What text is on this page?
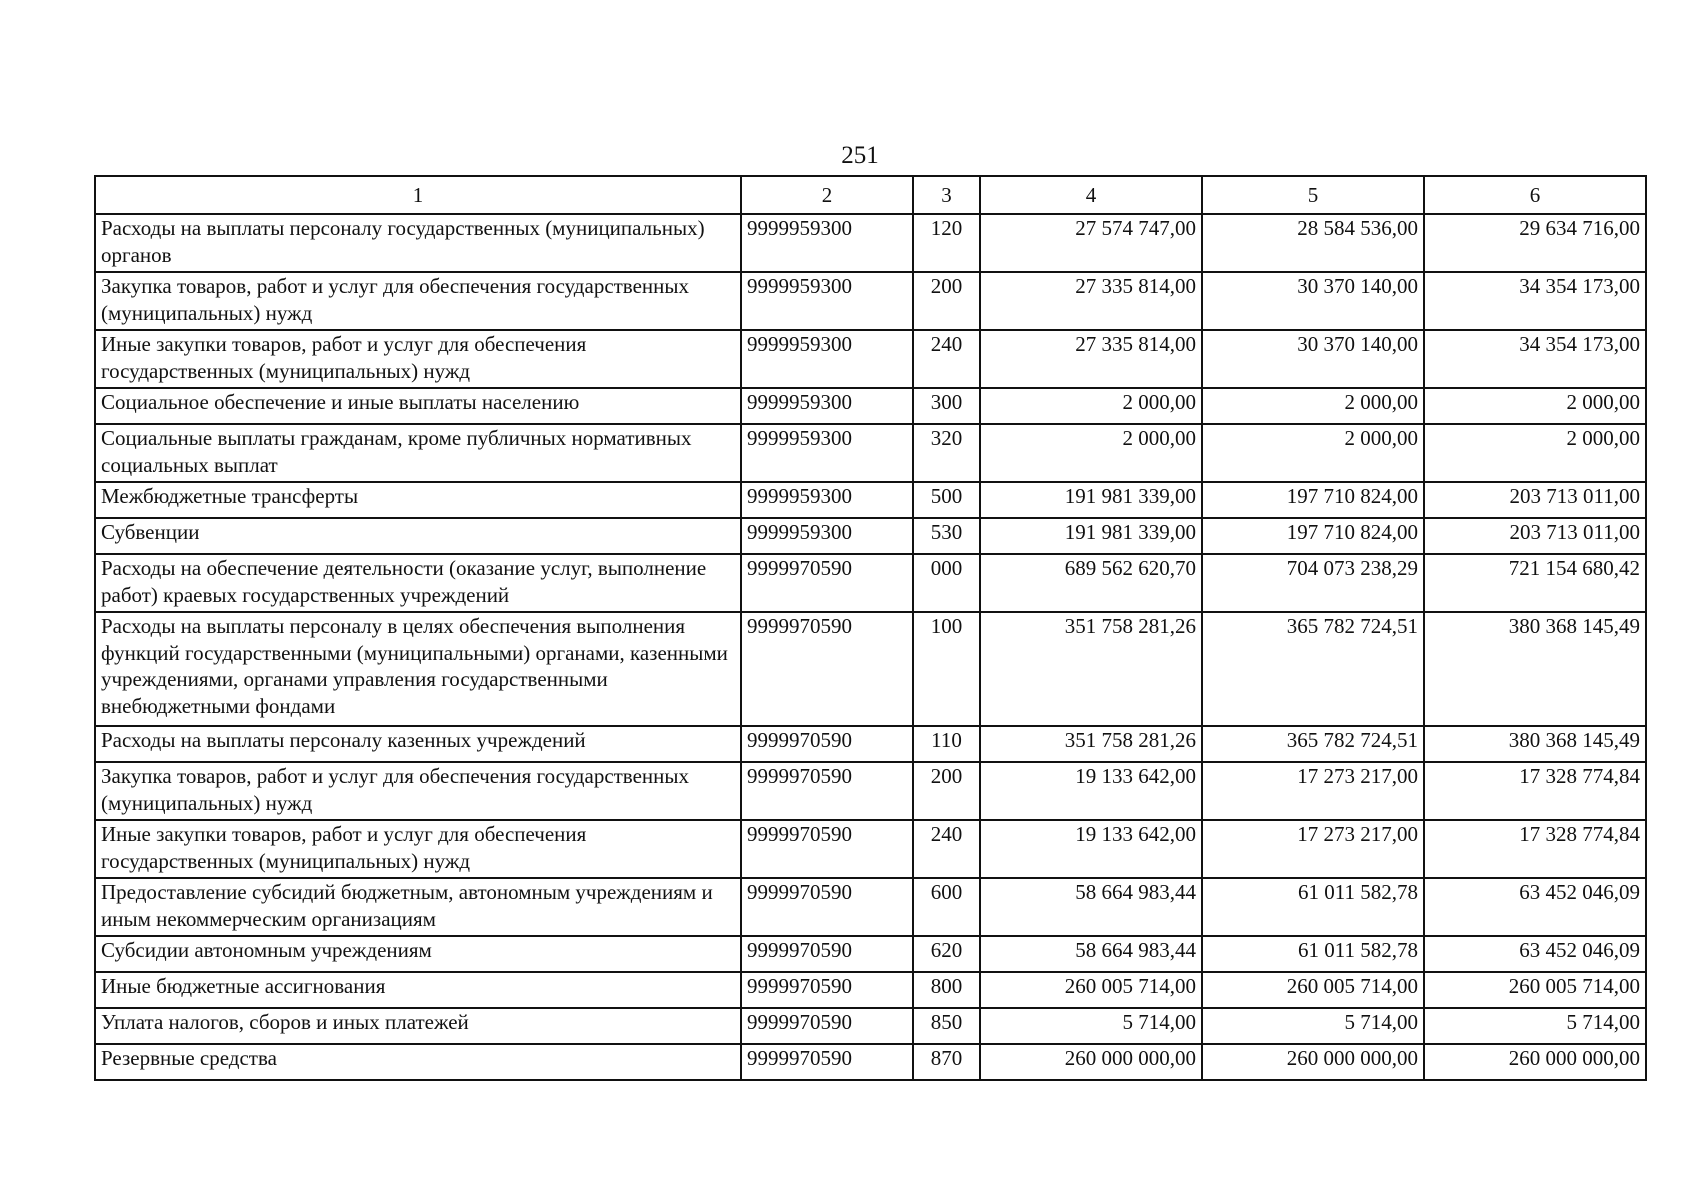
251
1	2	3	4	5	6
Расходы на выплаты персоналу государственных (муниципальных) органов	9999959300	120	27 574 747,00	28 584 536,00	29 634 716,00
Закупка товаров, работ и услуг для обеспечения государственных (муниципальных) нужд	9999959300	200	27 335 814,00	30 370 140,00	34 354 173,00
Иные закупки товаров, работ и услуг для обеспечения государственных (муниципальных) нужд	9999959300	240	27 335 814,00	30 370 140,00	34 354 173,00
Социальное обеспечение и иные выплаты населению	9999959300	300	2 000,00	2 000,00	2 000,00
Социальные выплаты гражданам, кроме публичных нормативных социальных выплат	9999959300	320	2 000,00	2 000,00	2 000,00
Межбюджетные трансферты	9999959300	500	191 981 339,00	197 710 824,00	203 713 011,00
Субвенции	9999959300	530	191 981 339,00	197 710 824,00	203 713 011,00
Расходы на обеспечение деятельности (оказание услуг, выполнение работ) краевых государственных учреждений	9999970590	000	689 562 620,70	704 073 238,29	721 154 680,42
Расходы на выплаты персоналу в целях обеспечения выполнения функций государственными (муниципальными) органами, казенными учреждениями, органами управления государственными внебюджетными фондами	9999970590	100	351 758 281,26	365 782 724,51	380 368 145,49
Расходы на выплаты персоналу казенных учреждений	9999970590	110	351 758 281,26	365 782 724,51	380 368 145,49
Закупка товаров, работ и услуг для обеспечения государственных (муниципальных) нужд	9999970590	200	19 133 642,00	17 273 217,00	17 328 774,84
Иные закупки товаров, работ и услуг для обеспечения государственных (муниципальных) нужд	9999970590	240	19 133 642,00	17 273 217,00	17 328 774,84
Предоставление субсидий бюджетным, автономным учреждениям и иным некоммерческим организациям	9999970590	600	58 664 983,44	61 011 582,78	63 452 046,09
Субсидии автономным учреждениям	9999970590	620	58 664 983,44	61 011 582,78	63 452 046,09
Иные бюджетные ассигнования	9999970590	800	260 005 714,00	260 005 714,00	260 005 714,00
Уплата налогов, сборов и иных платежей	9999970590	850	5 714,00	5 714,00	5 714,00
Резервные средства	9999970590	870	260 000 000,00	260 000 000,00	260 000 000,00
